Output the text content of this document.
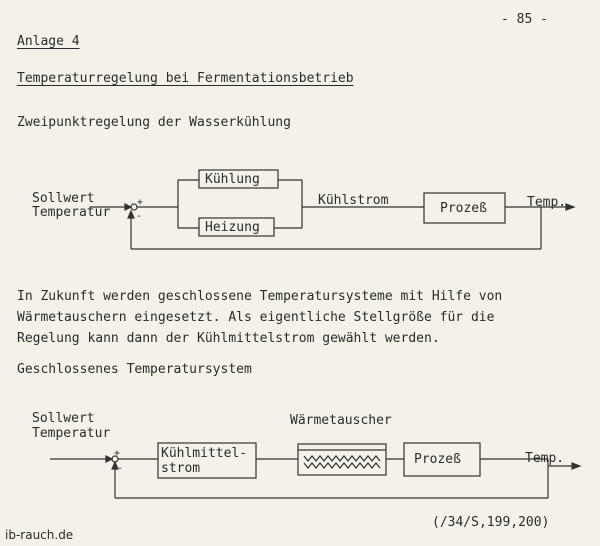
- 85 -
Anlage 4
Temperaturregelung bei Fermentationsbetrieb
Zweipunktregelung der Wasserkühlung
Sollwert
Temperatur
+
-
Kühlung
Heizung
Kühlstrom
Prozeß	Temp.
In Zukunft werden geschlossene Temperatursysteme mit Hilfe von
Wärmetauschern eingesetzt. Als eigentliche Stellgröße für die
Regelung kann dann der Kühlmittelstrom gewählt werden.
Geschlossenes Temperatursystem
Sollwert
Temperatur
+
-
Wärmetauscher
Kühlmittel-
strom
Prozeß	Temp.
(/34/S,199,200)
ib-rauch.de
